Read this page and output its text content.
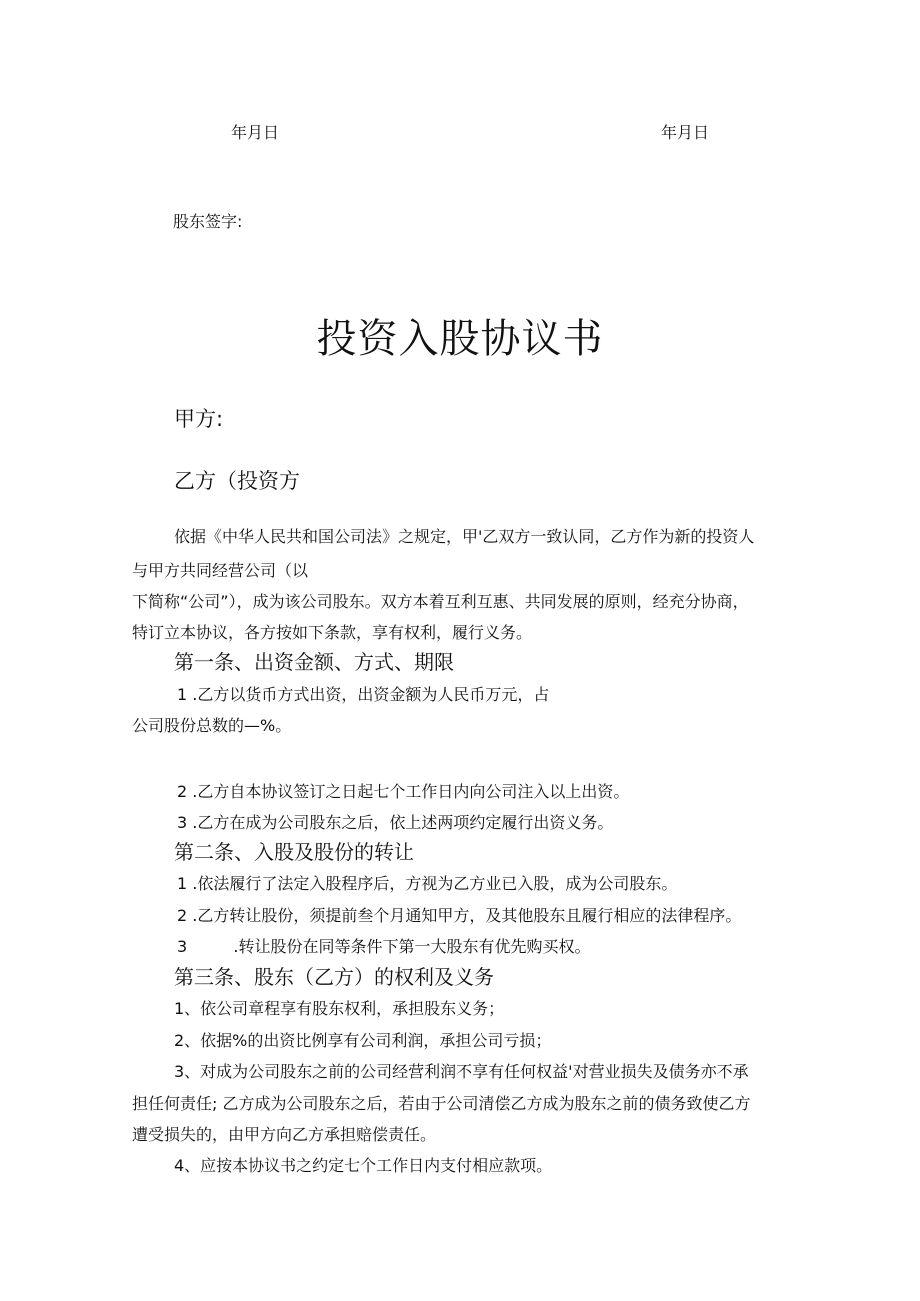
年月日	年月日
股东签字:
投资入股协议书
甲方:
乙方（投资方
依据《中华人民共和国公司法》之规定，甲'乙双方一致认同，乙方作为新的投资人
与甲方共同经营公司（以
下简称“公司”），成为该公司股东。双方本着互利互惠、共同发展的原则，经充分协商，
特订立本协议，各方按如下条款，享有权利，履行义务。
第一条、出资金额、方式、期限
1 .乙方以货币方式出资，出资金额为人民币万元，占
公司股份总数的—%。
2 .乙方自本协议签订之日起七个工作日内向公司注入以上出资。
3 .乙方在成为公司股东之后，依上述两项约定履行出资义务。
第二条、入股及股份的转让
1 .依法履行了法定入股程序后，方视为乙方业已入股，成为公司股东。
2 .乙方转让股份，须提前叁个月通知甲方，及其他股东且履行相应的法律程序。
3	.转让股份在同等条件下第一大股东有优先购买权。
第三条、股东（乙方）的权利及义务
1、依公司章程享有股东权利，承担股东义务；
2、依据%的出资比例享有公司利润，承担公司亏损；
3、对成为公司股东之前的公司经营利润不享有任何权益'对营业损失及债务亦不承
担任何责任; 乙方成为公司股东之后，若由于公司清偿乙方成为股东之前的债务致使乙方
遭受损失的，由甲方向乙方承担赔偿责任。
4、应按本协议书之约定七个工作日内支付相应款项。
